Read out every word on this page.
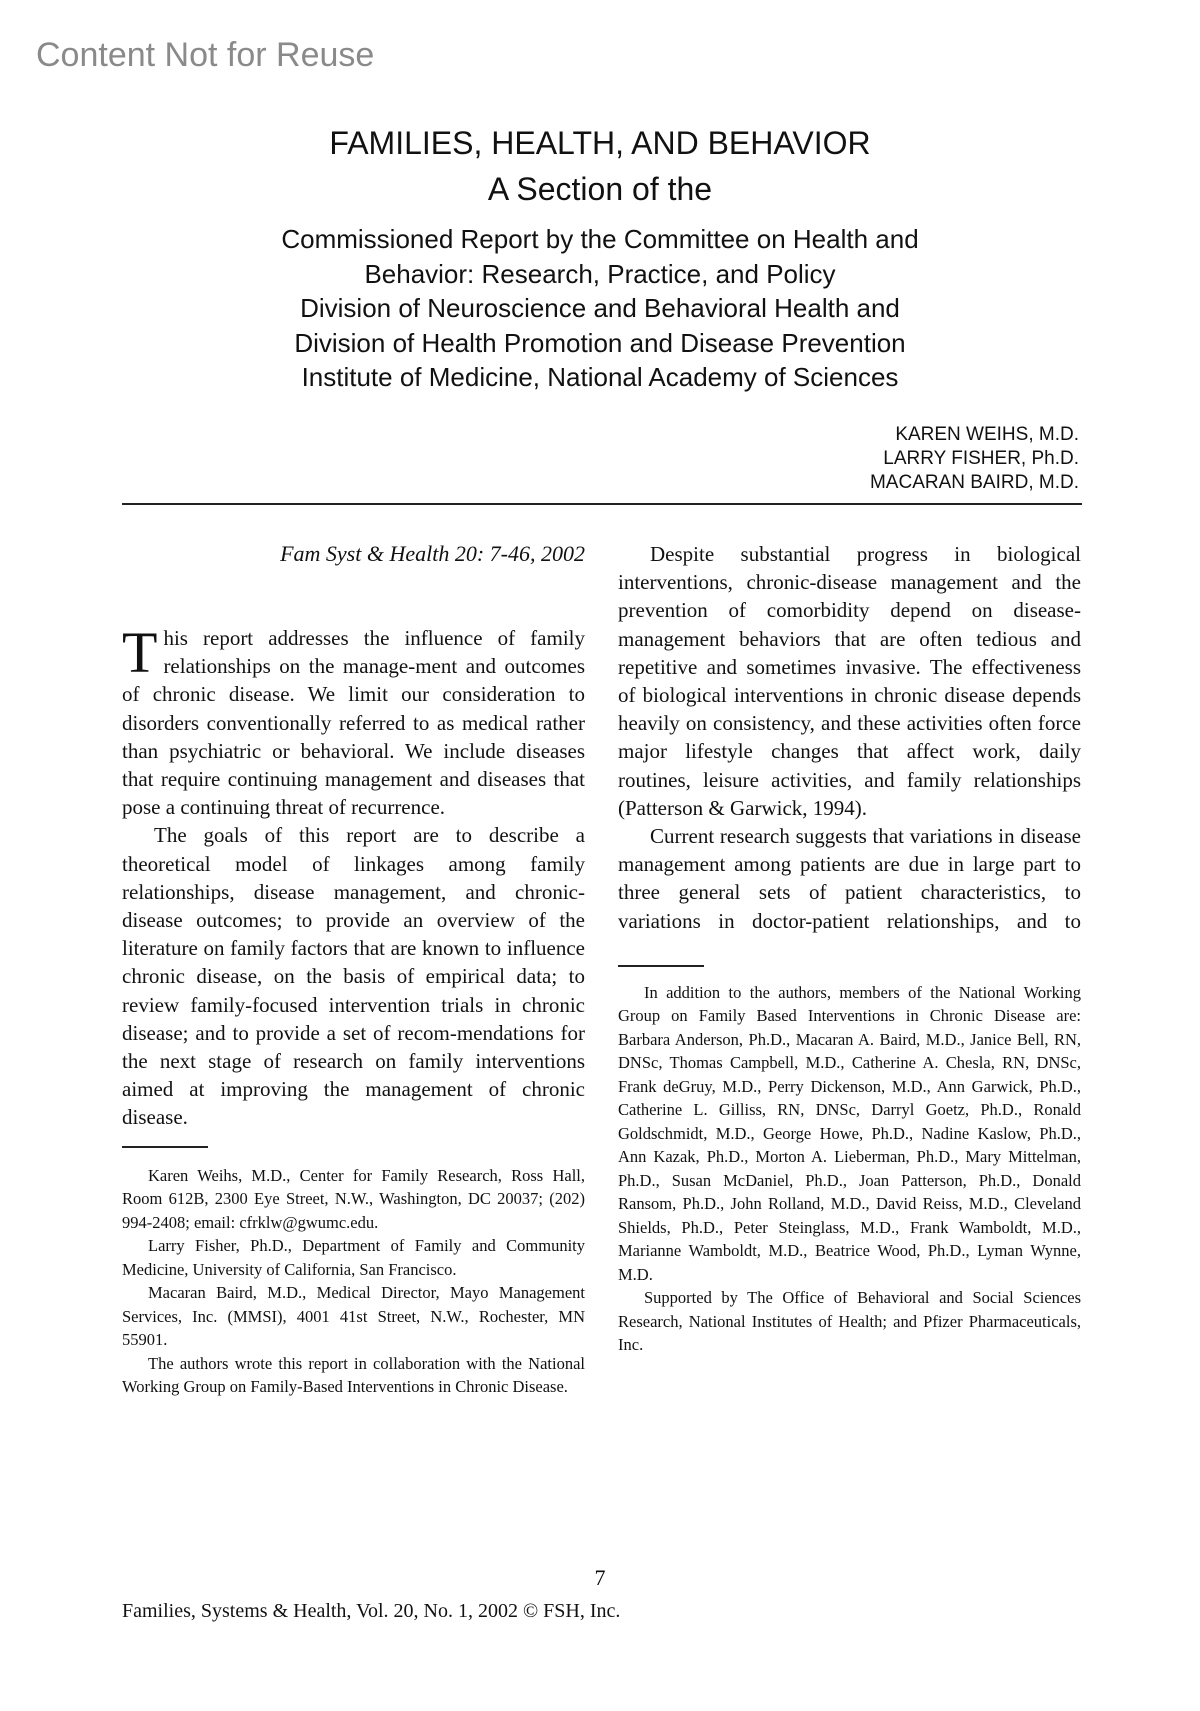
Content Not for Reuse
FAMILIES, HEALTH, AND BEHAVIOR
A Section of the
Commissioned Report by the Committee on Health and
Behavior: Research, Practice, and Policy
Division of Neuroscience and Behavioral Health and
Division of Health Promotion and Disease Prevention
Institute of Medicine, National Academy of Sciences
KAREN WEIHS, M.D.
LARRY FISHER, Ph.D.
MACARAN BAIRD, M.D.
Fam Syst & Health 20: 7-46, 2002

This report addresses the influence of family relationships on the manage-ment and outcomes of chronic disease. We limit our consideration to disorders conventionally referred to as medical rather than psychiatric or behavioral. We include diseases that require continuing management and diseases that pose a continuing threat of recurrence.

The goals of this report are to describe a theoretical model of linkages among family relationships, disease management, and chronic-disease outcomes; to provide an overview of the literature on family factors that are known to influence chronic disease, on the basis of empirical data; to review family-focused intervention trials in chronic disease; and to provide a set of recom-mendations for the next stage of research on family interventions aimed at improving the management of chronic disease.

Karen Weihs, M.D., Center for Family Research, Ross Hall, Room 612B, 2300 Eye Street, N.W., Washington, DC 20037; (202) 994-2408; email: cfrklw@gwumc.edu.

Larry Fisher, Ph.D., Department of Family and Community Medicine, University of California, San Francisco.

Macaran Baird, M.D., Medical Director, Mayo Management Services, Inc. (MMSI), 4001 41st Street, N.W., Rochester, MN 55901.

The authors wrote this report in collaboration with the National Working Group on Family-Based Interventions in Chronic Disease.

Despite substantial progress in biological interventions, chronic-disease management and the prevention of comorbidity depend on disease-management behaviors that are often tedious and repetitive and sometimes invasive. The effectiveness of biological interventions in chronic disease depends heavily on consistency, and these activities often force major lifestyle changes that affect work, daily routines, leisure activities, and family relationships (Patterson & Garwick, 1994).

Current research suggests that variations in disease management among patients are due in large part to three general sets of patient characteristics, to variations in doctor-patient relationships, and to

In addition to the authors, members of the National Working Group on Family Based Interventions in Chronic Disease are: Barbara Anderson, Ph.D., Macaran A. Baird, M.D., Janice Bell, RN, DNSc, Thomas Campbell, M.D., Catherine A. Chesla, RN, DNSc, Frank deGruy, M.D., Perry Dickenson, M.D., Ann Garwick, Ph.D., Catherine L. Gilliss, RN, DNSc, Darryl Goetz, Ph.D., Ronald Goldschmidt, M.D., George Howe, Ph.D., Nadine Kaslow, Ph.D., Ann Kazak, Ph.D., Morton A. Lieberman, Ph.D., Mary Mittelman, Ph.D., Susan McDaniel, Ph.D., Joan Patterson, Ph.D., Donald Ransom, Ph.D., John Rolland, M.D., David Reiss, M.D., Cleveland Shields, Ph.D., Peter Steinglass, M.D., Frank Wamboldt, M.D., Marianne Wamboldt, M.D., Beatrice Wood, Ph.D., Lyman Wynne, M.D.

Supported by The Office of Behavioral and Social Sciences Research, National Institutes of Health; and Pfizer Pharmaceuticals, Inc.

7
Families, Systems & Health, Vol. 20, No. 1, 2002 © FSH, Inc.
